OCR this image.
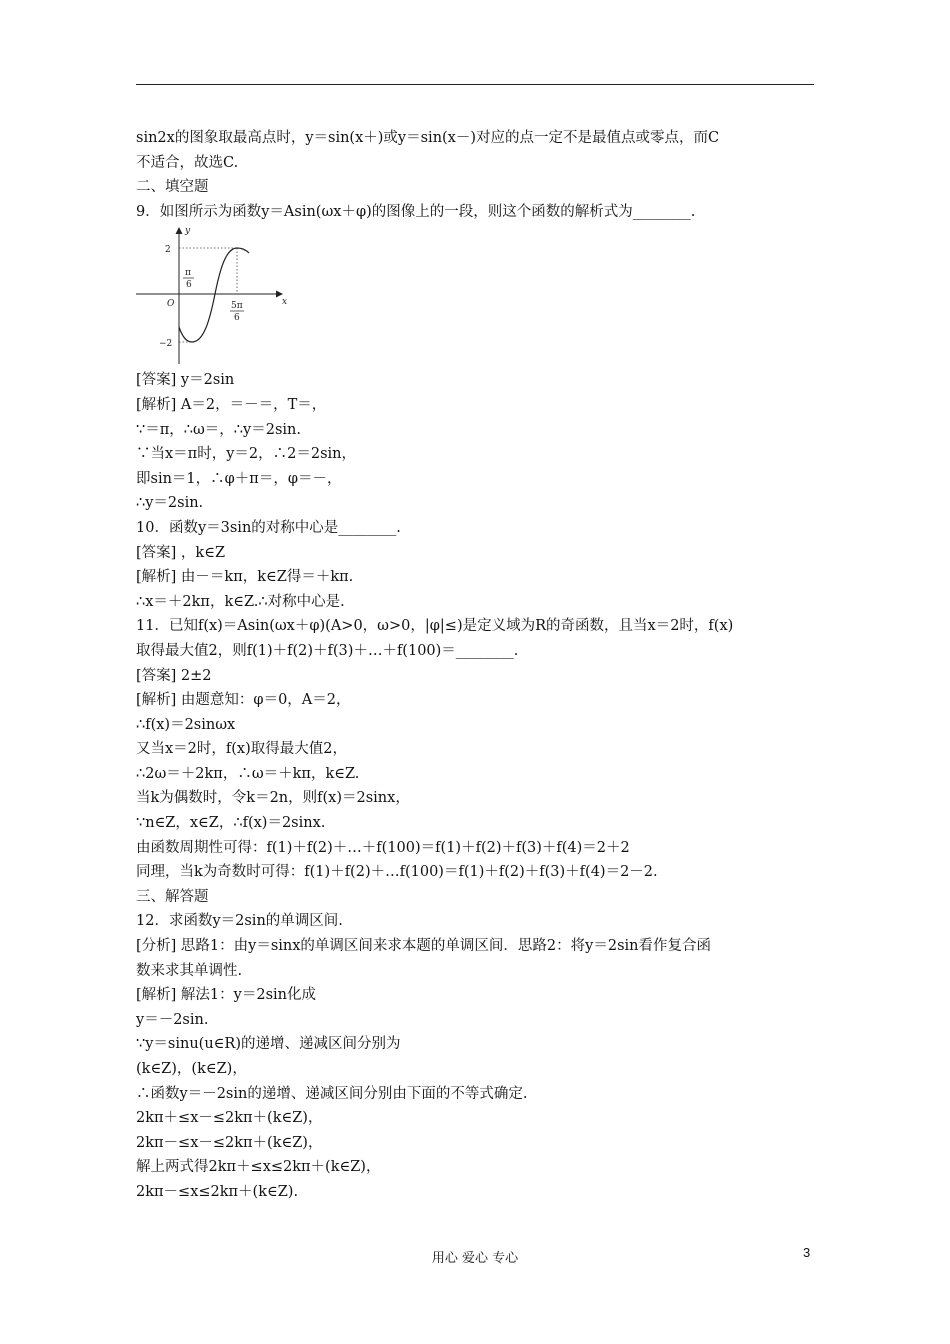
sin2x的图象取最高点时，y＝sin(x＋)或y＝sin(x－)对应的点一定不是最值点或零点，而C
不适合，故选C.
二、填空题
9．如图所示为函数y＝Asin(ωx＋φ)的图像上的一段，则这个函数的解析式为________.
y
x
O
2
−2
π
6
5π
6
[答案] y＝2sin
[解析] A＝2，＝－＝，T＝，
∵＝π，∴ω＝，∴y＝2sin.
∵当x＝π时，y＝2，∴2＝2sin，
即sin＝1，∴φ＋π＝，φ＝－，
∴y＝2sin.
10．函数y＝3sin的对称中心是________.
[答案] ，k∈Z
[解析] 由－＝kπ，k∈Z得＝＋kπ.
∴x＝＋2kπ，k∈Z.∴对称中心是.
11．已知f(x)＝Asin(ωx＋φ)(A>0，ω>0，|φ|≤)是定义域为R的奇函数，且当x＝2时，f(x)
取得最大值2，则f(1)＋f(2)＋f(3)＋…＋f(100)＝________.
[答案] 2±2
[解析] 由题意知：φ＝0，A＝2，
∴f(x)＝2sinωx
又当x＝2时，f(x)取得最大值2，
∴2ω＝＋2kπ，∴ω＝＋kπ，k∈Z.
当k为偶数时，令k＝2n，则f(x)＝2sinx，
∵n∈Z，x∈Z，∴f(x)＝2sinx.
由函数周期性可得：f(1)＋f(2)＋…＋f(100)＝f(1)＋f(2)＋f(3)＋f(4)＝2＋2
同理，当k为奇数时可得：f(1)＋f(2)＋…f(100)＝f(1)＋f(2)＋f(3)＋f(4)＝2－2.
三、解答题
12．求函数y＝2sin的单调区间.
[分析] 思路1：由y＝sinx的单调区间来求本题的单调区间．思路2：将y＝2sin看作复合函
数来求其单调性.
[解析] 解法1：y＝2sin化成
y＝－2sin.
∵y＝sinu(u∈R)的递增、递减区间分别为
(k∈Z)，(k∈Z)，
∴函数y＝－2sin的递增、递减区间分别由下面的不等式确定.
2kπ＋≤x－≤2kπ＋(k∈Z)，
2kπ－≤x－≤2kπ＋(k∈Z)，
解上两式得2kπ＋≤x≤2kπ＋(k∈Z)，
2kπ－≤x≤2kπ＋(k∈Z).
用心 爱心 专心	3
